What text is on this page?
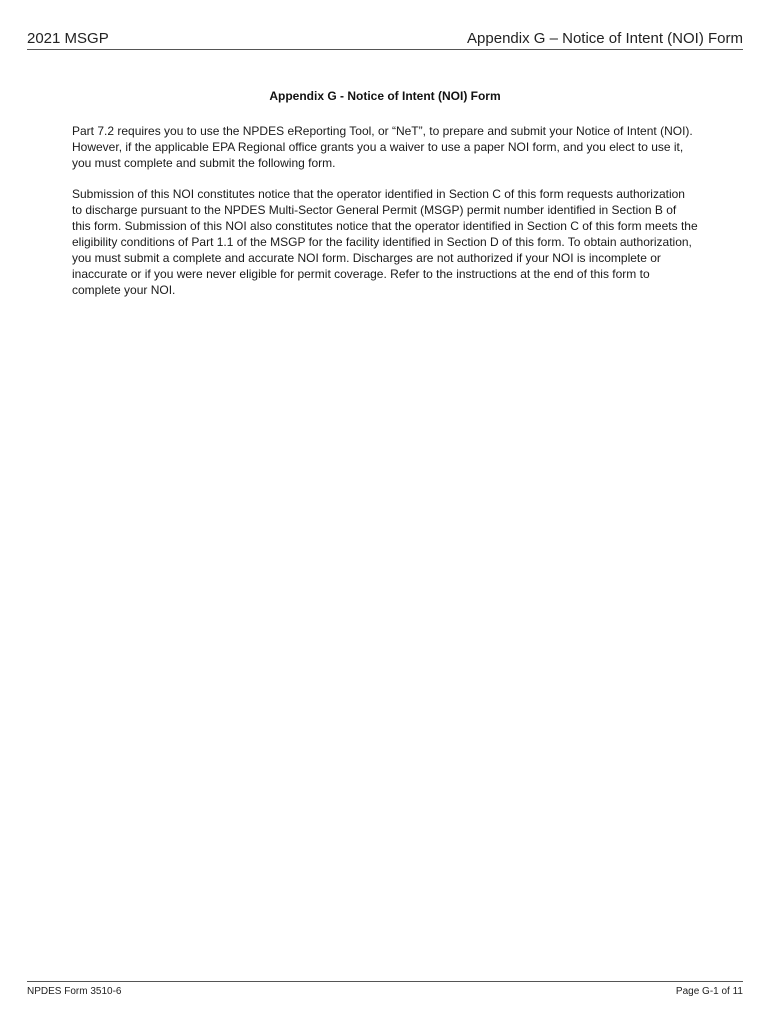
2021 MSGP	Appendix G – Notice of Intent (NOI) Form
Appendix G - Notice of Intent (NOI) Form

Part 7.2 requires you to use the NPDES eReporting Tool, or “NeT”, to prepare and submit your Notice of Intent (NOI). However, if the applicable EPA Regional office grants you a waiver to use a paper NOI form, and you elect to use it, you must complete and submit the following form.

Submission of this NOI constitutes notice that the operator identified in Section C of this form requests authorization to discharge pursuant to the NPDES Multi-Sector General Permit (MSGP) permit number identified in Section B of this form. Submission of this NOI also constitutes notice that the operator identified in Section C of this form meets the eligibility conditions of Part 1.1 of the MSGP for the facility identified in Section D of this form. To obtain authorization, you must submit a complete and accurate NOI form. Discharges are not authorized if your NOI is incomplete or inaccurate or if you were never eligible for permit coverage. Refer to the instructions at the end of this form to complete your NOI.

NPDES Form 3510-6	Page G-1 of 11
